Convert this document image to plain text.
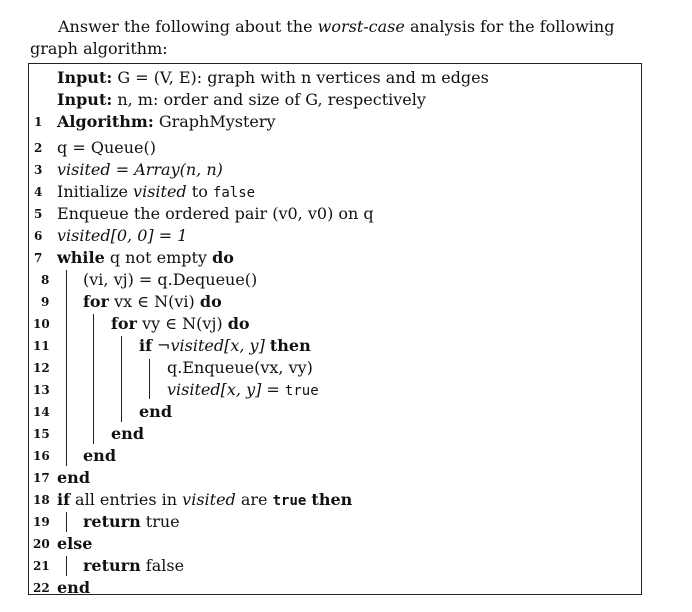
Answer the following about the worst-case analysis for the following graph algorithm:
Input: G = (V, E): graph with n vertices and m edges
Input: n, m: order and size of G, respectively
1 Algorithm: GraphMystery
2 q = Queue()
3 visited = Array(n, n)
4 Initialize visited to false
5 Enqueue the ordered pair (v0, v0) on q
6 visited[0, 0] = 1
7 while q not empty do
8	(vi, vj) = q.Dequeue()
9	for vx ∈ N(vi) do
10	for vy ∈ N(vj) do
11	if ¬visited[x, y] then
12	q.Enqueue(vx, vy)
13	visited[x, y] = true
14	end
15	end
16	end
17 end
18 if all entries in visited are true then
19	return true
20 else
21	return false
22 end
